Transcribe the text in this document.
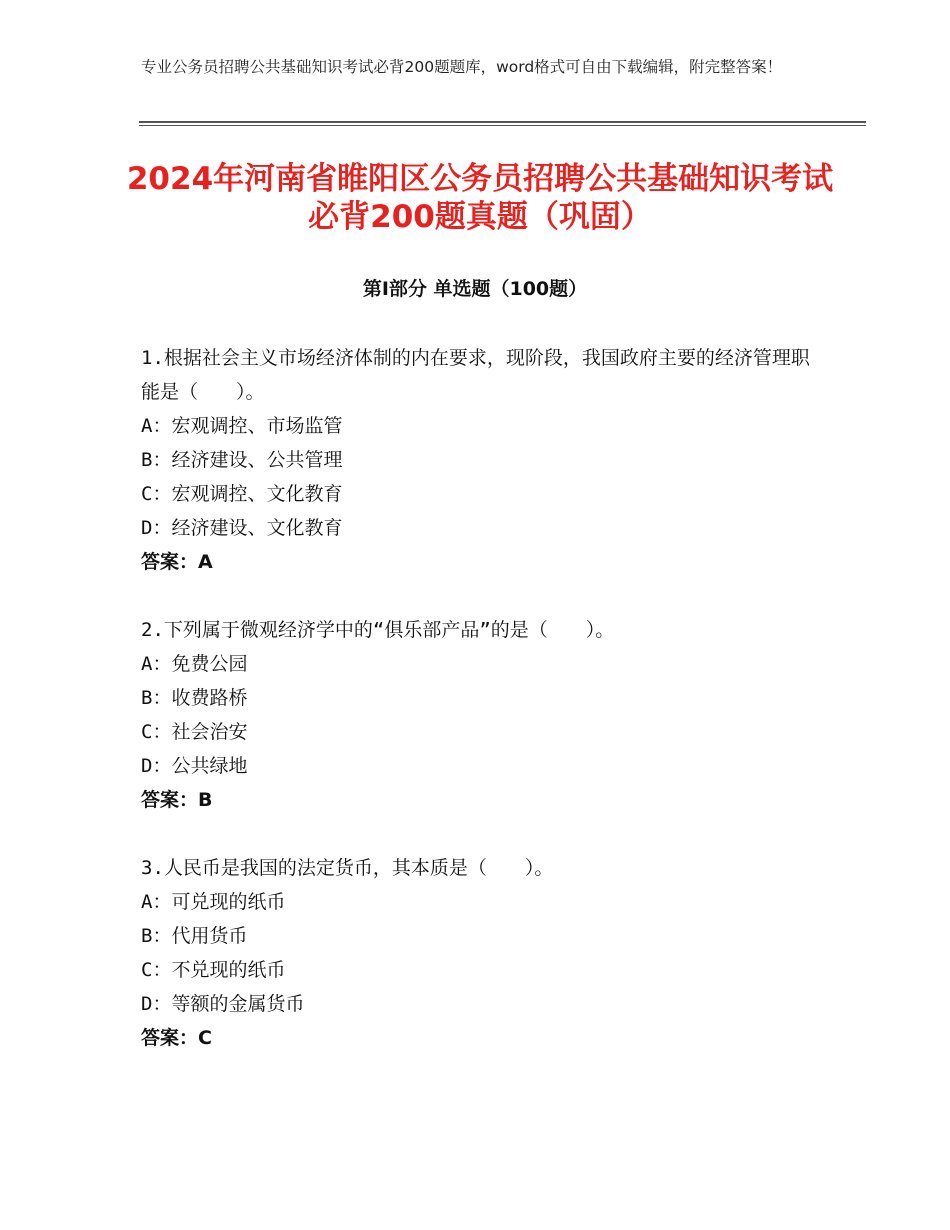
专业公务员招聘公共基础知识考试必背200题题库，word格式可自由下载编辑，附完整答案！
2024年河南省睢阳区公务员招聘公共基础知识考试必背200题真题（巩固）
第Ⅰ部分 单选题（100题）
1.根据社会主义市场经济体制的内在要求，现阶段，我国政府主要的经济管理职能是（　　）。
A：宏观调控、市场监管
B：经济建设、公共管理
C：宏观调控、文化教育
D：经济建设、文化教育
答案：A
2.下列属于微观经济学中的“俱乐部产品”的是（　　）。
A：免费公园
B：收费路桥
C：社会治安
D：公共绿地
答案：B
3.人民币是我国的法定货币，其本质是（　　）。
A：可兑现的纸币
B：代用货币
C：不兑现的纸币
D：等额的金属货币
答案：C
